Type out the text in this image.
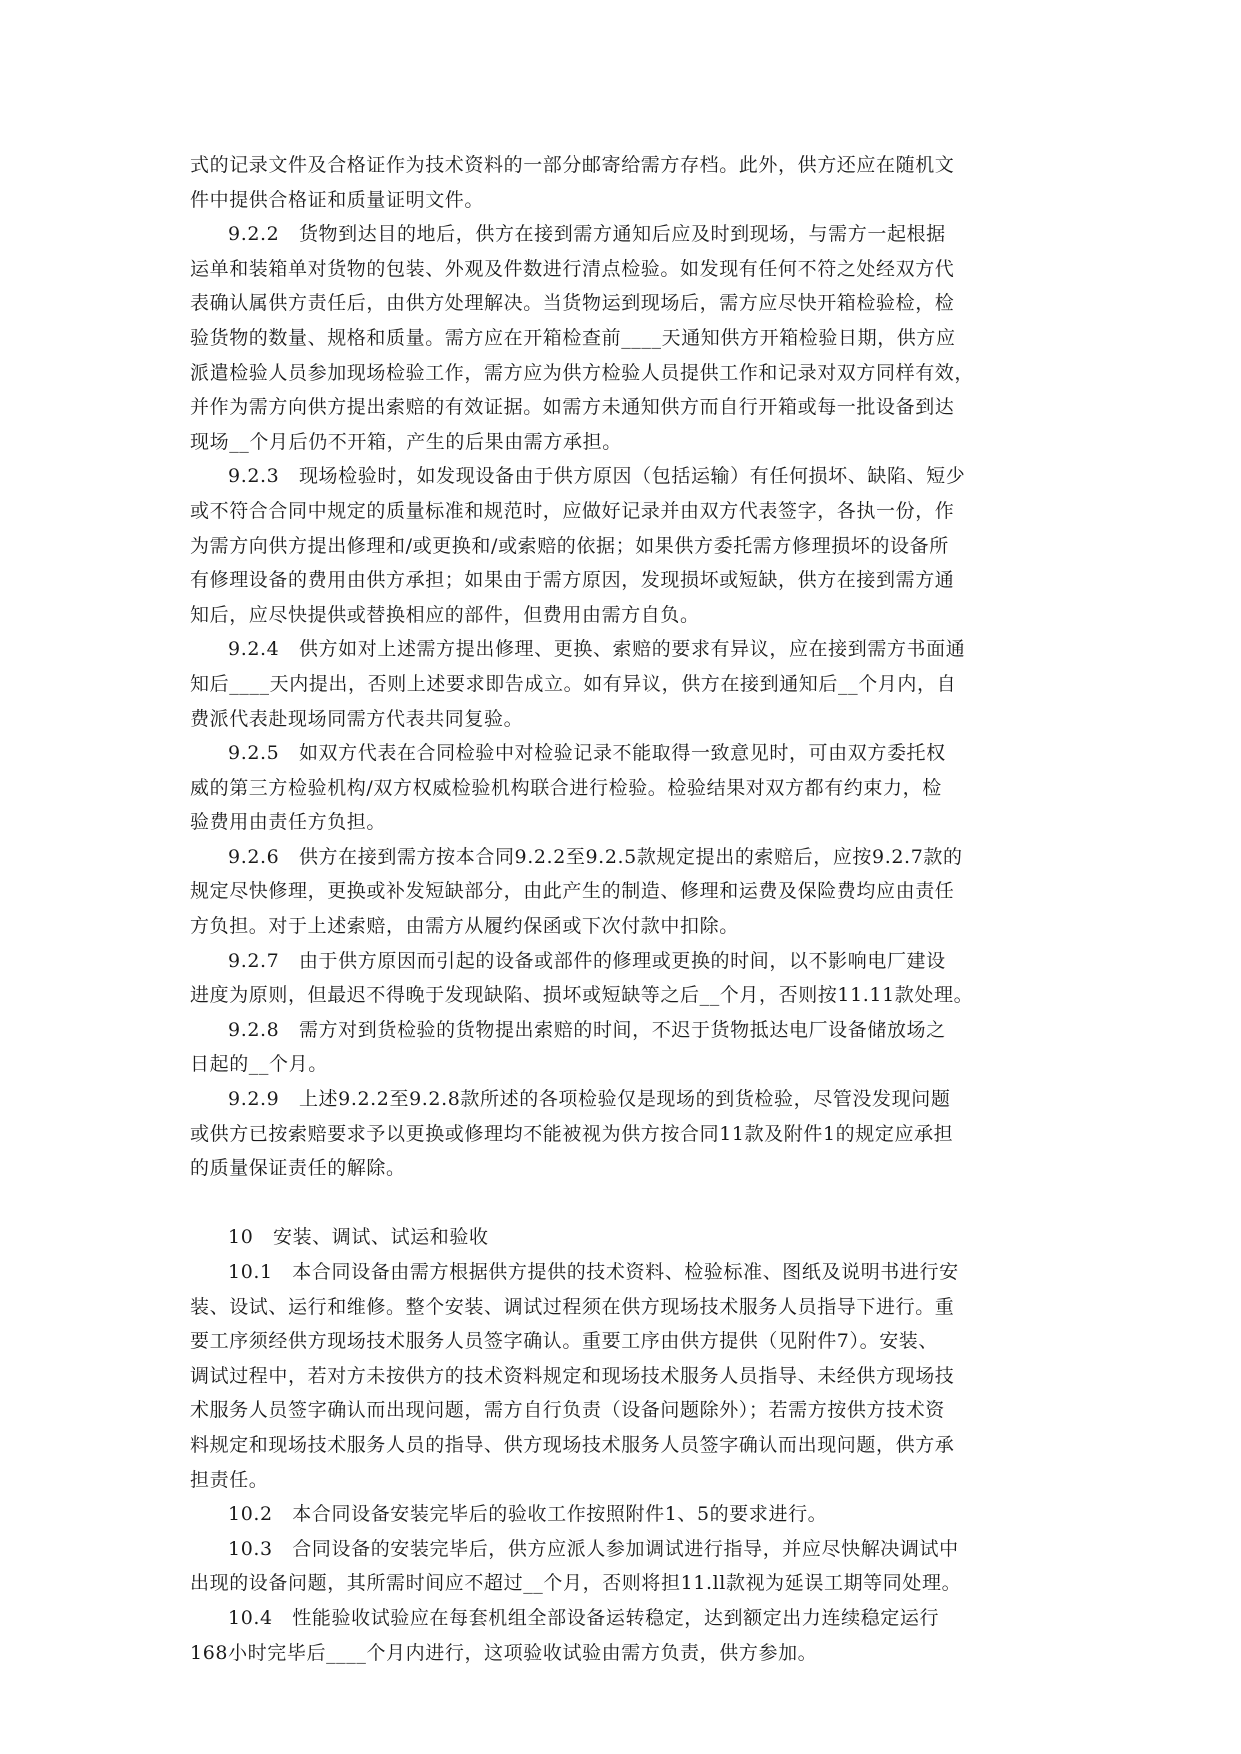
式的记录文件及合格证作为技术资料的一部分邮寄给需方存档。此外，供方还应在随机文
件中提供合格证和质量证明文件。
9.2.2　货物到达目的地后，供方在接到需方通知后应及时到现场，与需方一起根据
运单和装箱单对货物的包装、外观及件数进行清点检验。如发现有任何不符之处经双方代
表确认属供方责任后，由供方处理解决。当货物运到现场后，需方应尽快开箱检验检，检
验货物的数量、规格和质量。需方应在开箱检查前____天通知供方开箱检验日期，供方应
派遣检验人员参加现场检验工作，需方应为供方检验人员提供工作和记录对双方同样有效，
并作为需方向供方提出索赔的有效证据。如需方未通知供方而自行开箱或每一批设备到达
现场__个月后仍不开箱，产生的后果由需方承担。
9.2.3　现场检验时，如发现设备由于供方原因（包括运输）有任何损坏、缺陷、短少
或不符合合同中规定的质量标准和规范时，应做好记录并由双方代表签字，各执一份，作
为需方向供方提出修理和/或更换和/或索赔的依据；如果供方委托需方修理损坏的设备所
有修理设备的费用由供方承担；如果由于需方原因，发现损坏或短缺，供方在接到需方通
知后，应尽快提供或替换相应的部件，但费用由需方自负。
9.2.4　供方如对上述需方提出修理、更换、索赔的要求有异议，应在接到需方书面通
知后____天内提出，否则上述要求即告成立。如有异议，供方在接到通知后__个月内，自
费派代表赴现场同需方代表共同复验。
9.2.5　如双方代表在合同检验中对检验记录不能取得一致意见时，可由双方委托权
威的第三方检验机构/双方权威检验机构联合进行检验。检验结果对双方都有约束力，检
验费用由责任方负担。
9.2.6　供方在接到需方按本合同9.2.2至9.2.5款规定提出的索赔后，应按9.2.7款的
规定尽快修理，更换或补发短缺部分，由此产生的制造、修理和运费及保险费均应由责任
方负担。对于上述索赔，由需方从履约保函或下次付款中扣除。
9.2.7　由于供方原因而引起的设备或部件的修理或更换的时间，以不影响电厂建设
进度为原则，但最迟不得晚于发现缺陷、损坏或短缺等之后__个月，否则按11.11款处理。
9.2.8　需方对到货检验的货物提出索赔的时间，不迟于货物抵达电厂设备储放场之
日起的__个月。
9.2.9　上述9.2.2至9.2.8款所述的各项检验仅是现场的到货检验，尽管没发现问题
或供方已按索赔要求予以更换或修理均不能被视为供方按合同11款及附件1的规定应承担
的质量保证责任的解除。
10　安装、调试、试运和验收
10.1　本合同设备由需方根据供方提供的技术资料、检验标准、图纸及说明书进行安
装、设试、运行和维修。整个安装、调试过程须在供方现场技术服务人员指导下进行。重
要工序须经供方现场技术服务人员签字确认。重要工序由供方提供（见附件7）。安装、
调试过程中，若对方未按供方的技术资料规定和现场技术服务人员指导、未经供方现场技
术服务人员签字确认而出现问题，需方自行负责（设备问题除外）；若需方按供方技术资
料规定和现场技术服务人员的指导、供方现场技术服务人员签字确认而出现问题，供方承
担责任。
10.2　本合同设备安装完毕后的验收工作按照附件1、5的要求进行。
10.3　合同设备的安装完毕后，供方应派人参加调试进行指导，并应尽快解决调试中
出现的设备问题，其所需时间应不超过__个月，否则将担11.ll款视为延误工期等同处理。
10.4　性能验收试验应在每套机组全部设备运转稳定，达到额定出力连续稳定运行
168小时完毕后____个月内进行，这项验收试验由需方负责，供方参加。
